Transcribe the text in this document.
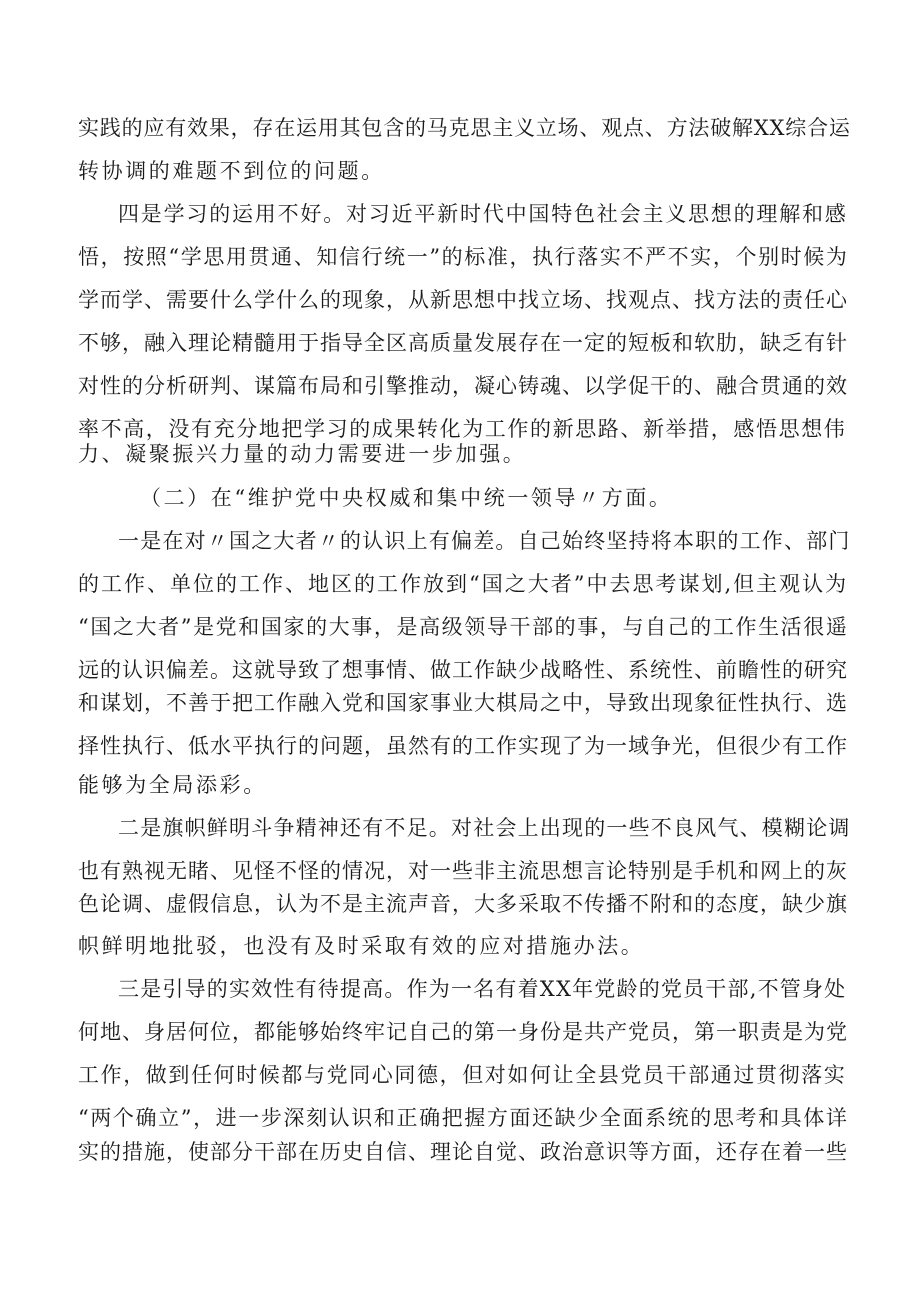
实践的应有效果，存在运用其包含的马克思主义立场、观点、方法破解XX综合运
转协调的难题不到位的问题。
四是学习的运用不好。对习近平新时代中国特色社会主义思想的理解和感
悟，按照“学思用贯通、知信行统一”的标准，执行落实不严不实，个别时候为
学而学、需要什么学什么的现象，从新思想中找立场、找观点、找方法的责任心
不够，融入理论精髓用于指导全区高质量发展存在一定的短板和软肋，缺乏有针
对性的分析研判、谋篇布局和引擎推动，凝心铸魂、以学促干的、融合贯通的效
率不高，没有充分地把学习的成果转化为工作的新思路、新举措，感悟思想伟
力、凝聚振兴力量的动力需要进一步加强。
（二）在“维护党中央权威和集中统一领导〃方面。
一是在对〃国之大者〃的认识上有偏差。自己始终坚持将本职的工作、部门
的工作、单位的工作、地区的工作放到“国之大者”中去思考谋划,但主观认为
“国之大者”是党和国家的大事，是高级领导干部的事，与自己的工作生活很遥
远的认识偏差。这就导致了想事情、做工作缺少战略性、系统性、前瞻性的研究
和谋划，不善于把工作融入党和国家事业大棋局之中，导致出现象征性执行、选
择性执行、低水平执行的问题，虽然有的工作实现了为一域争光，但很少有工作
能够为全局添彩。
二是旗帜鲜明斗争精神还有不足。对社会上出现的一些不良风气、模糊论调
也有熟视无睹、见怪不怪的情况，对一些非主流思想言论特别是手机和网上的灰
色论调、虚假信息，认为不是主流声音，大多采取不传播不附和的态度，缺少旗
帜鲜明地批驳，也没有及时采取有效的应对措施办法。
三是引导的实效性有待提高。作为一名有着XX年党龄的党员干部,不管身处
何地、身居何位，都能够始终牢记自己的第一身份是共产党员，第一职责是为党
工作，做到任何时候都与党同心同德，但对如何让全县党员干部通过贯彻落实
“两个确立”，进一步深刻认识和正确把握方面还缺少全面系统的思考和具体详
实的措施，使部分干部在历史自信、理论自觉、政治意识等方面，还存在着一些
